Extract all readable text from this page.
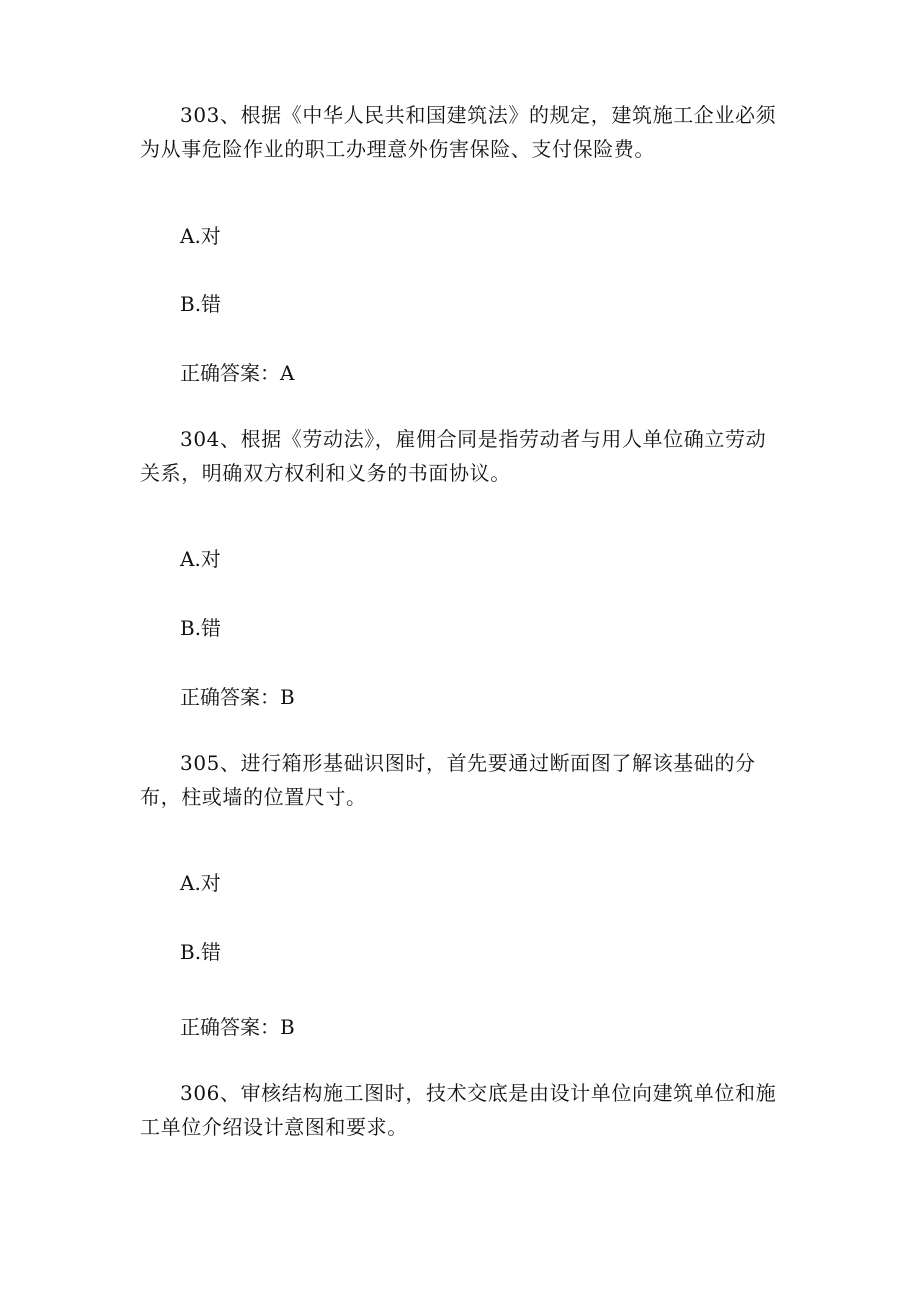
303、根据《中华人民共和国建筑法》的规定，建筑施工企业必须为从事危险作业的职工办理意外伤害保险、支付保险费。

A.对

B.错

正确答案：A

304、根据《劳动法》，雇佣合同是指劳动者与用人单位确立劳动关系，明确双方权利和义务的书面协议。

A.对

B.错

正确答案：B

305、进行箱形基础识图时，首先要通过断面图了解该基础的分布，柱或墙的位置尺寸。

A.对

B.错

正确答案：B

306、审核结构施工图时，技术交底是由设计单位向建筑单位和施工单位介绍设计意图和要求。
